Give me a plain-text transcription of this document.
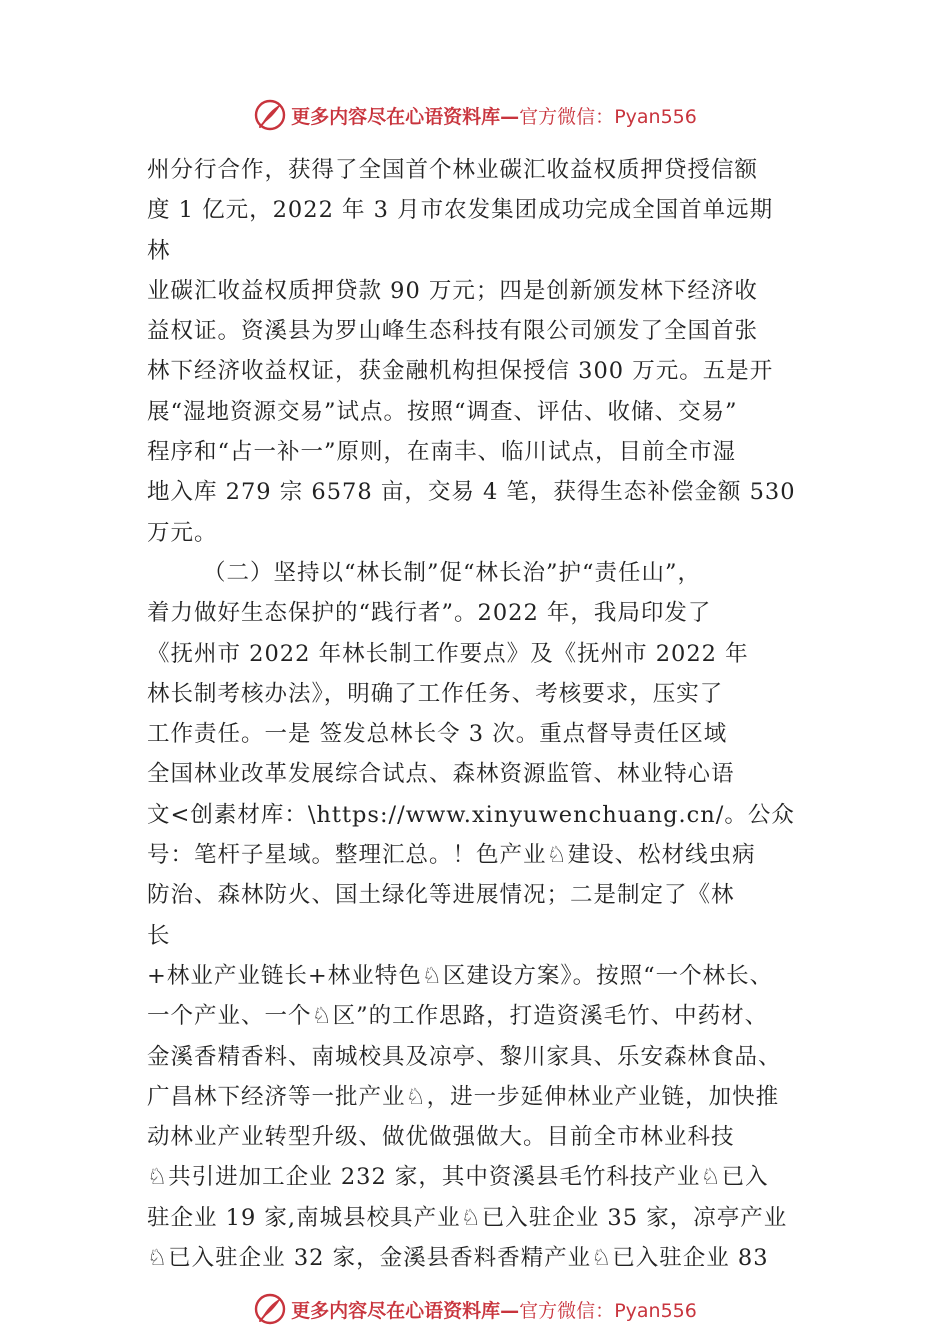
更多内容尽在心语资料库—官方微信：Pyan556
州分行合作，获得了全国首个林业碳汇收益权质押贷授信额
度 1 亿元，2022 年 3 月市农发集团成功完成全国首单远期
林
业碳汇收益权质押贷款 90 万元；四是创新颁发林下经济收
益权证。资溪县为罗山峰生态科技有限公司颁发了全国首张
林下经济收益权证，获金融机构担保授信 300 万元。五是开
展“湿地资源交易”试点。按照“调查、评估、收储、交易”
程序和“占一补一”原则，在南丰、临川试点，目前全市湿
地入库 279 宗 6578 亩，交易 4 笔，获得生态补偿金额 530
万元。
（二）坚持以“林长制”促“林长治”护“责任山”，
着力做好生态保护的“践行者”。2022 年，我局印发了
《抚州市 2022 年林长制工作要点》及《抚州市 2022 年
林长制考核办法》，明确了工作任务、考核要求，压实了
工作责任。一是 签发总林长令 3 次。重点督导责任区域
全国林业改革发展综合试点、森林资源监管、林业特心语
文<创素材库：\https://www.xinyuwenchuang.cn/。公众
号：笔杆子星域。整理汇总。！色产业♘建设、松材线虫病
防治、森林防火、国土绿化等进展情况；二是制定了《林
长
+林业产业链长+林业特色♘区建设方案》。按照“一个林长、
一个产业、一个♘区”的工作思路，打造资溪毛竹、中药材、
金溪香精香料、南城校具及凉亭、黎川家具、乐安森林食品、
广昌林下经济等一批产业♘，进一步延伸林业产业链，加快推
动林业产业转型升级、做优做强做大。目前全市林业科技
♘共引进加工企业 232 家，其中资溪县毛竹科技产业♘已入
驻企业 19 家,南城县校具产业♘已入驻企业 35 家，凉亭产业
♘已入驻企业 32 家，金溪县香料香精产业♘已入驻企业 83
更多内容尽在心语资料库—官方微信：Pyan556
